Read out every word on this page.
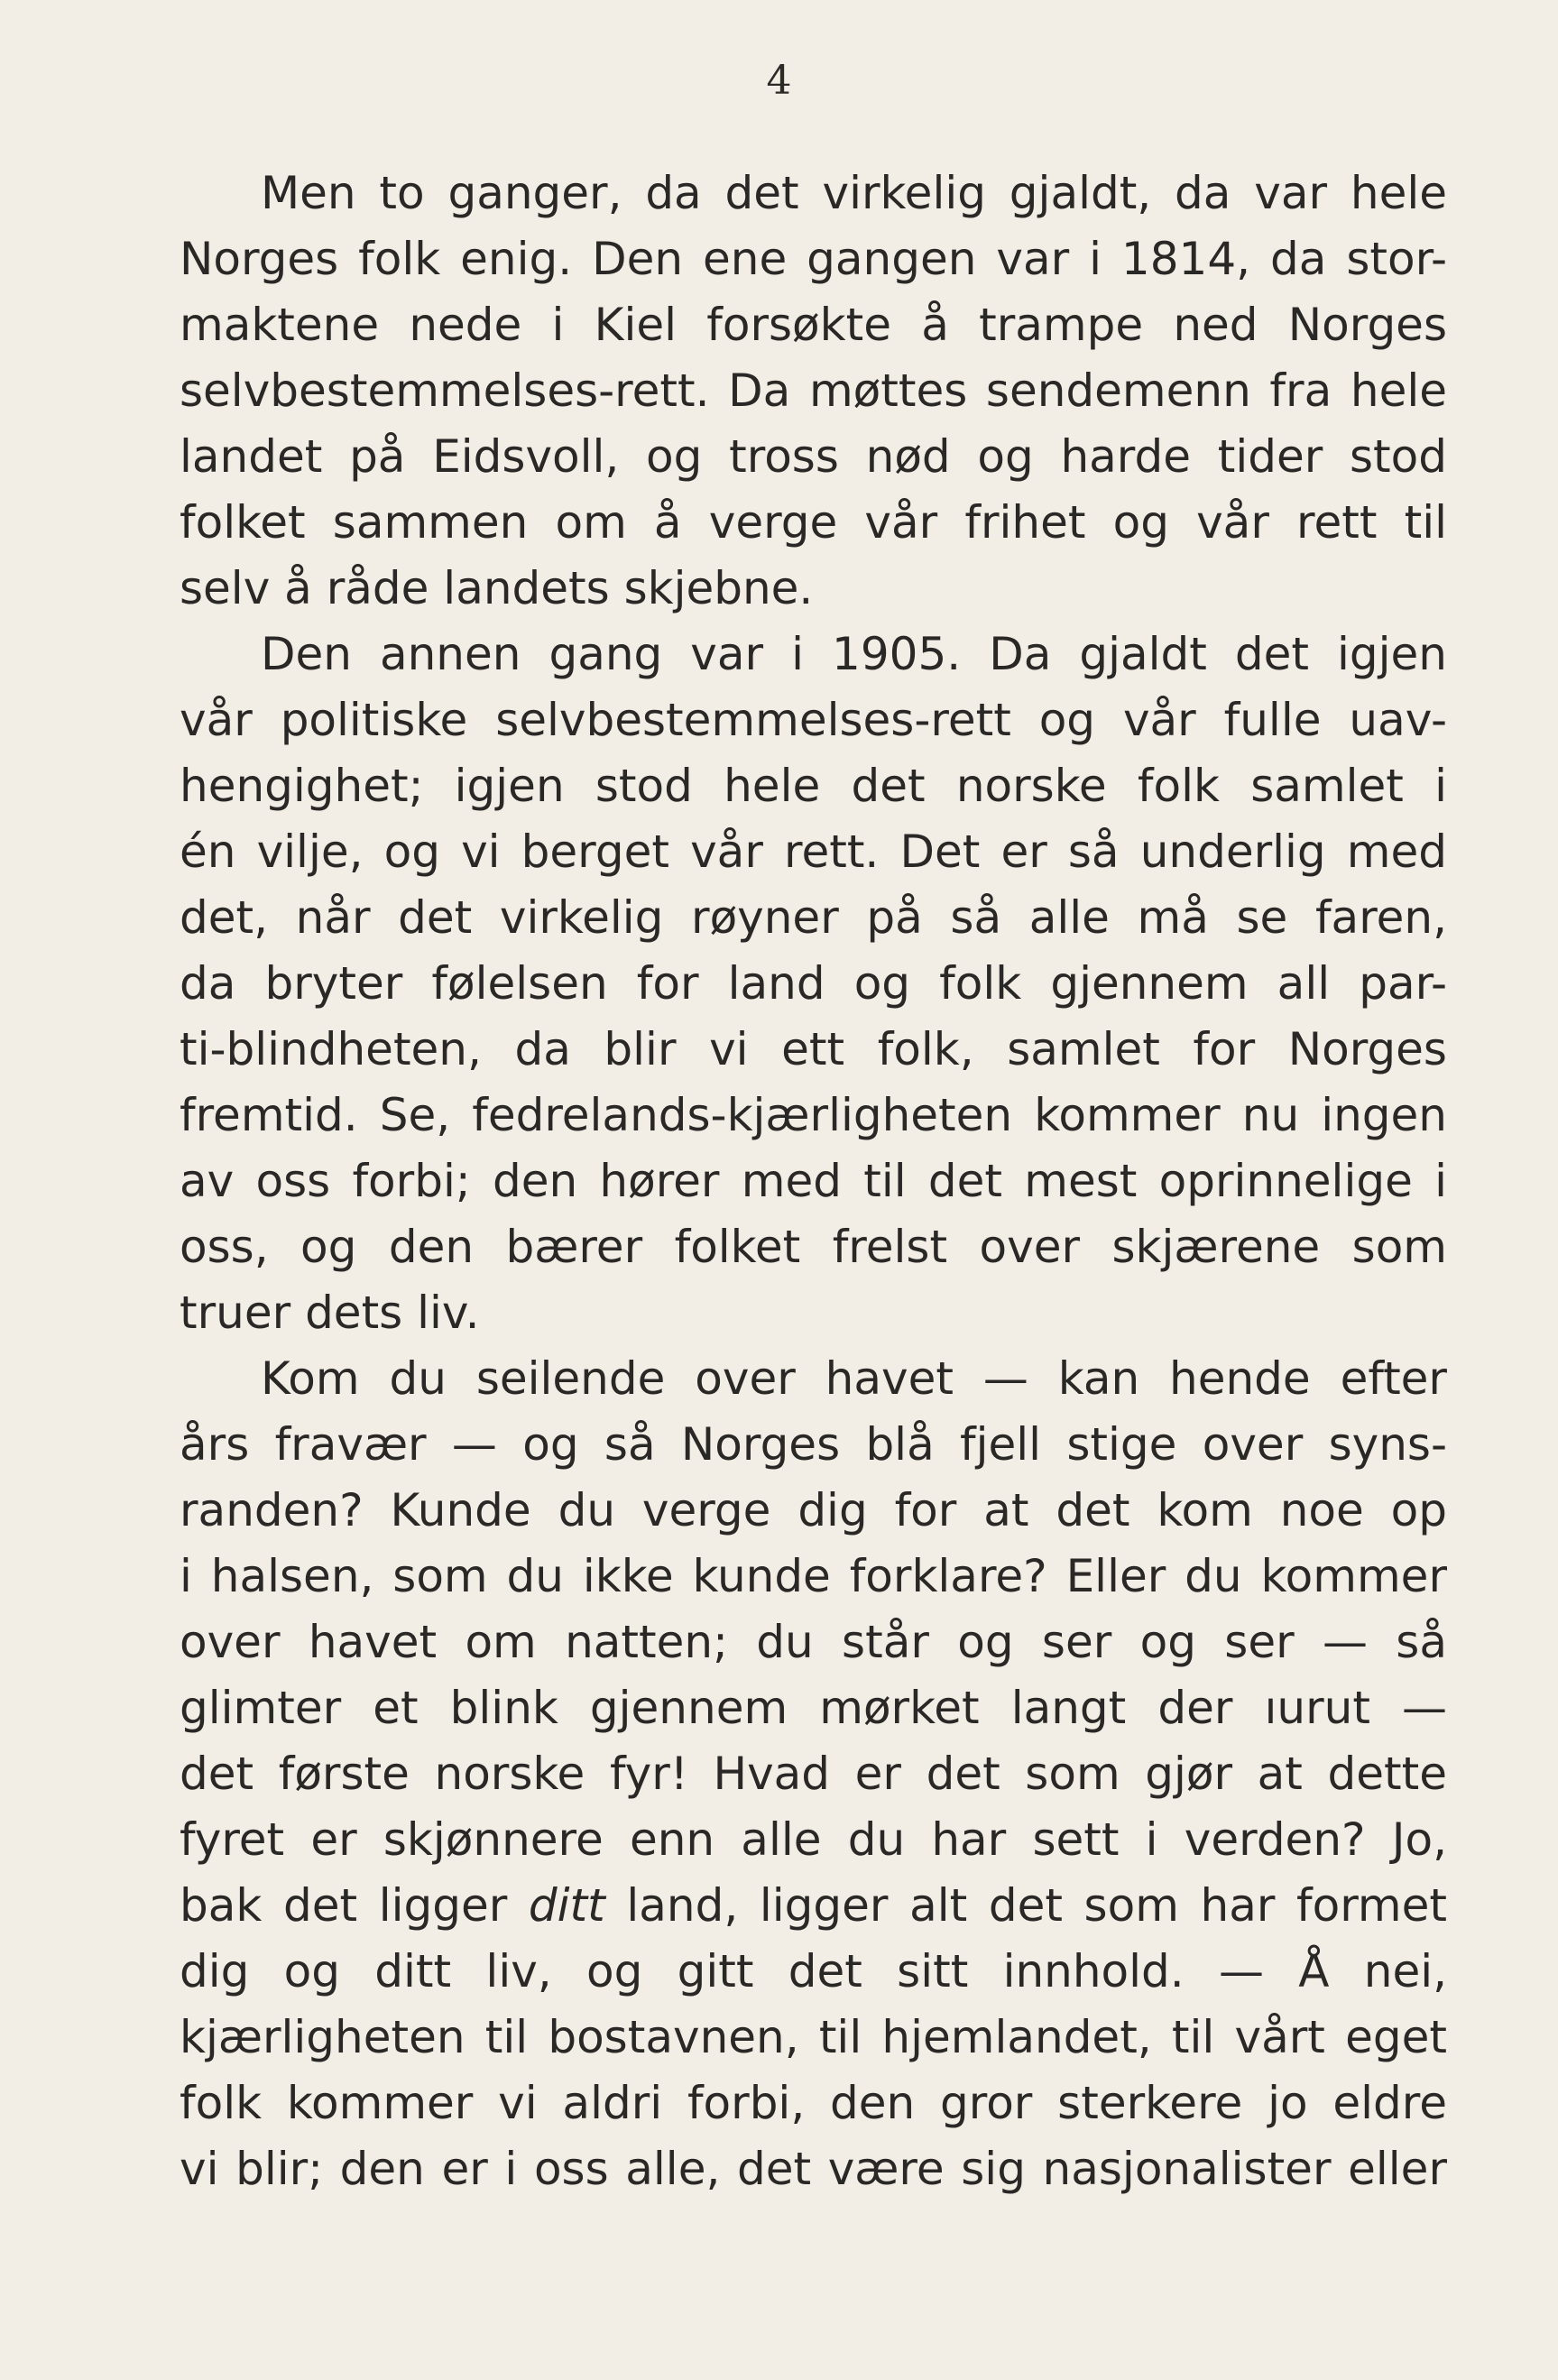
4
Men to ganger, da det virkelig gjaldt, da var hele
Norges folk enig. Den ene gangen var i 1814, da stor-
maktene nede i Kiel forsøkte å trampe ned Norges
selvbestemmelses-rett. Da møttes sendemenn fra hele
landet på Eidsvoll, og tross nød og harde tider stod
folket sammen om å verge vår frihet og vår rett til
selv å råde landets skjebne.
Den annen gang var i 1905. Da gjaldt det igjen
vår politiske selvbestemmelses-rett og vår fulle uav-
hengighet; igjen stod hele det norske folk samlet i
én vilje, og vi berget vår rett. Det er så underlig med
det, når det virkelig røyner på så alle må se faren,
da bryter følelsen for land og folk gjennem all par-
ti-blindheten, da blir vi ett folk, samlet for Norges
fremtid. Se, fedrelands-kjærligheten kommer nu ingen
av oss forbi; den hører med til det mest oprinnelige i
oss, og den bærer folket frelst over skjærene som
truer dets liv.
Kom du seilende over havet — kan hende efter
års fravær — og så Norges blå fjell stige over syns-
randen? Kunde du verge dig for at det kom noe op
i halsen, som du ikke kunde forklare? Eller du kommer
over havet om natten; du står og ser og ser — så
glimter et blink gjennem mørket langt der ıurut —
det første norske fyr! Hvad er det som gjør at dette
fyret er skjønnere enn alle du har sett i verden? Jo,
bak det ligger ditt land, ligger alt det som har formet
dig og ditt liv, og gitt det sitt innhold. — Å nei,
kjærligheten til bostavnen, til hjemlandet, til vårt eget
folk kommer vi aldri forbi, den gror sterkere jo eldre
vi blir; den er i oss alle, det være sig nasjonalister eller
